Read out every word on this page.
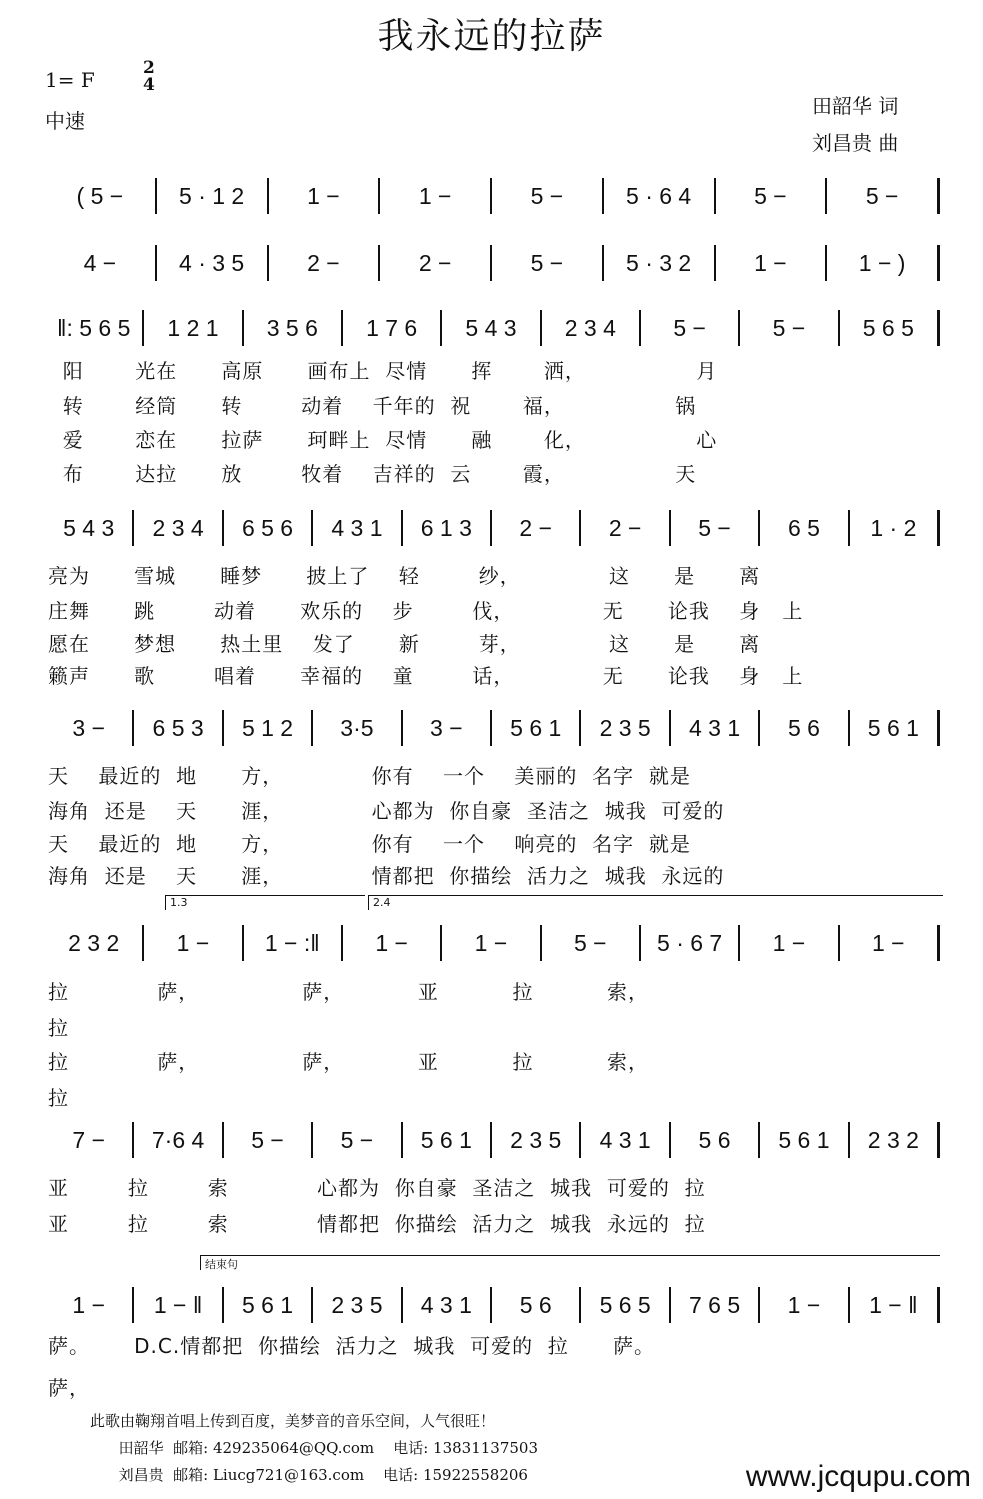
我永远的拉萨
1= F	2
4
中速
田韶华 词
刘昌贵 曲
( 5 −	5 · 1 2	1 −	1 −	5 −	5 · 6 4	5 −	5 −
4 −	4 · 3 5	2 −	2 −	5 −	5 · 3 2	1 −	1 − )
‖: 5 6 5	1 2 1	3 5 6	1 7 6	5 4 3	2 3 4	5 −	5 −	5 6 5
阳       光在      高原      画布上  尽情      挥       洒，               月
转       经筒      转        动着    千年的  祝       福，               锅
爱       恋在      拉萨      珂畔上  尽情      融       化，               心
布       达拉      放        牧着    吉祥的  云       霞，               天
5 4 3	2 3 4	6 5 6	4 3 1	6 1 3	2 −	2 −	5 −	6 5	1 · 2
亮为      雪城      睡梦      披上了    轻        纱，            这      是      离
庄舞      跳        动着      欢乐的    步        伐，            无      论我    身   上
愿在      梦想      热土里    发了      新        芽，            这      是      离
籁声      歌        唱着      幸福的    童        话，            无      论我    身   上
3 −	6 5 3	5 1 2	3·5	3 −	5 6 1	2 3 5	4 3 1	5 6	5 6 1
天    最近的  地      方，            你有    一个    美丽的  名字  就是
海角  还是    天      涯，            心都为  你自豪  圣洁之  城我  可爱的
天    最近的  地      方，            你有    一个    响亮的  名字  就是
海角  还是    天      涯，            情都把  你描绘  活力之  城我  永远的
2 3 2	1 −	1 − :‖	1 −	1 −	5 −	5 · 6 7	1 −	1 −
拉            萨，              萨，          亚          拉          索，
拉
拉            萨，              萨，          亚          拉          索，
拉
1.3	2.4
7 −	7·6 4	5 −	5 −	5 6 1	2 3 5	4 3 1	5 6	5 6 1	2 3 2
亚        拉        索            心都为  你自豪  圣洁之  城我  可爱的  拉
亚        拉        索            情都把  你描绘  活力之  城我  永远的  拉
1 −	1 − ‖	5 6 1	2 3 5	4 3 1	5 6	5 6 5	7 6 5	1 −	1 − ‖
萨。      D.C.情都把  你描绘  活力之  城我  可爱的  拉      萨。
萨，
结束句
此歌由鞠翔首唱上传到百度，美梦音的音乐空间，人气很旺！
田韶华  邮箱: 429235064@QQ.com    电话: 13831137503
刘昌贵  邮箱: Liucg721@163.com    电话: 15922558206	www.jcqupu.com
